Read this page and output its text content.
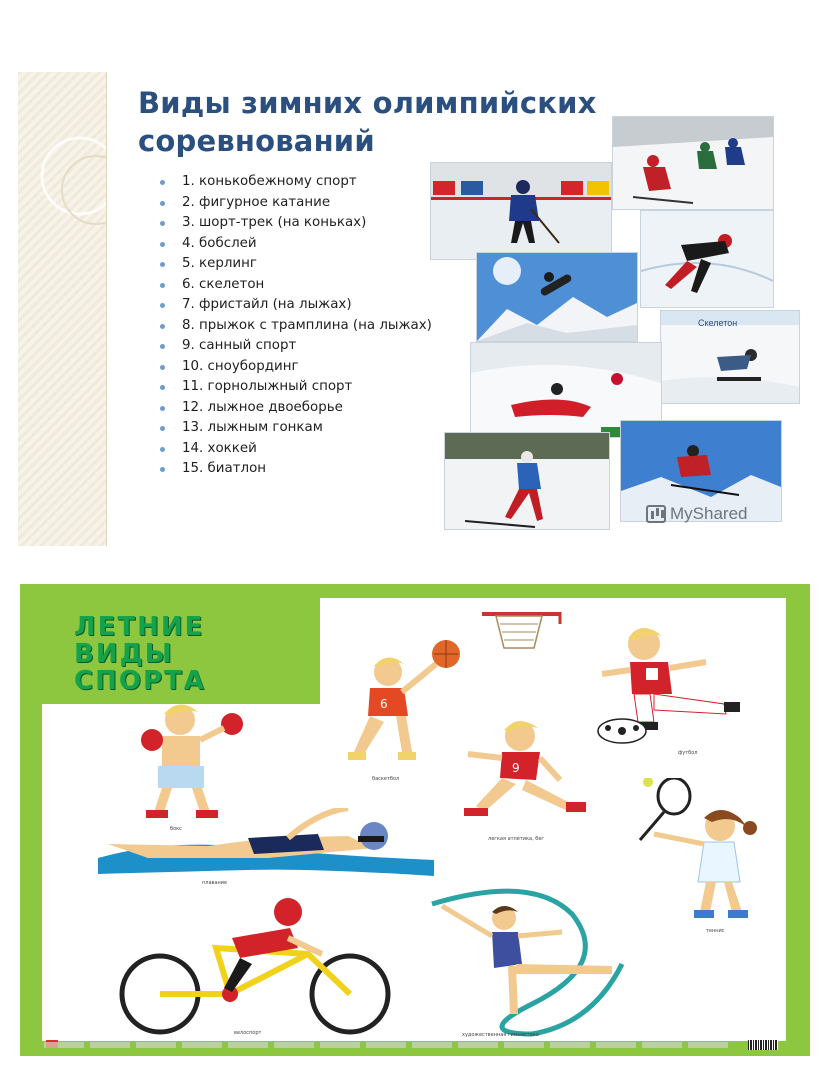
Виды зимних олимпийских соревнований
1. конькобежному спорт
2. фигурное катание
3. шорт-трек (на коньках)
4. бобслей
5. керлинг
6. скелетон
7. фристайл (на лыжах)
8. прыжок с трамплина (на лыжах)
9. санный спорт
10. сноубординг
11. горнолыжный спорт
12. лыжное двоеборье
13. лыжным гонкам
14. хоккей
15. биатлон
Скелетон
MyShared
ЛЕТНИЕ
ВИДЫ
СПОРТА
6
баскетбол
футбол
бокс
9
легкая атлетика, бег
плавание
теннис
велоспорт	художественная гимнастика
